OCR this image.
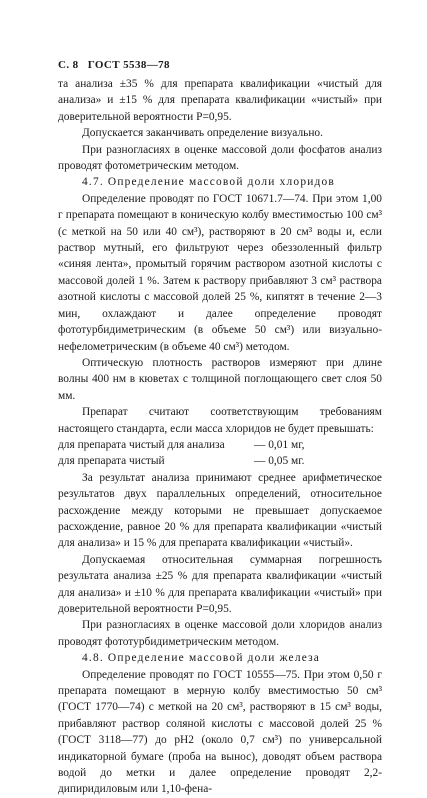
С. 8 ГОСТ 5538—78

та анализа ±35 % для препарата квалификации «чистый для анализа» и ±15 % для препарата квалификации «чистый» при доверительной вероятности P=0,95.

Допускается заканчивать определение визуально.

При разногласиях в оценке массовой доли фосфатов анализ проводят фотометрическим методом.

4.7. Определение массовой доли хлоридов

Определение проводят по ГОСТ 10671.7—74. При этом 1,00 г препарата помещают в коническую колбу вместимостью 100 см³ (с меткой на 50 или 40 см³), растворяют в 20 см³ воды и, если раствор мутный, его фильтруют через обеззоленный фильтр «синяя лента», промытый горячим раствором азотной кислоты с массовой долей 1 %. Затем к раствору прибавляют 3 см³ раствора азотной кислоты с массовой долей 25 %, кипятят в течение 2—3 мин, охлаждают и далее определение проводят фототурбидиметрическим (в объеме 50 см³) или визуально-нефелометрическим (в объеме 40 см³) методом.

Оптическую плотность растворов измеряют при длине волны 400 нм в кюветах с толщиной поглощающего свет слоя 50 мм.

Препарат считают соответствующим требованиям настоящего стандарта, если масса хлоридов не будет превышать:

для препарата чистый для анализа	— 0,01 мг,
для препарата чистый	— 0,05 мг.

За результат анализа принимают среднее арифметическое результатов двух параллельных определений, относительное расхождение между которыми не превышает допускаемое расхождение, равное 20 % для препарата квалификации «чистый для анализа» и 15 % для препарата квалификации «чистый».

Допускаемая относительная суммарная погрешность результата анализа ±25 % для препарата квалификации «чистый для анализа» и ±10 % для препарата квалификации «чистый» при доверительной вероятности P=0,95.

При разногласиях в оценке массовой доли хлоридов анализ проводят фототурбидиметрическим методом.

4.8. Определение массовой доли железа

Определение проводят по ГОСТ 10555—75. При этом 0,50 г препарата помещают в мерную колбу вместимостью 50 см³ (ГОСТ 1770—74) с меткой на 20 см³, растворяют в 15 см³ воды, прибавляют раствор соляной кислоты с массовой долей 25 % (ГОСТ 3118—77) до pH2 (около 0,7 см³) по универсальной индикаторной бумаге (проба на вынос), доводят объем раствора водой до метки и далее определение проводят 2,2-дипиридиловым или 1,10-фена-
